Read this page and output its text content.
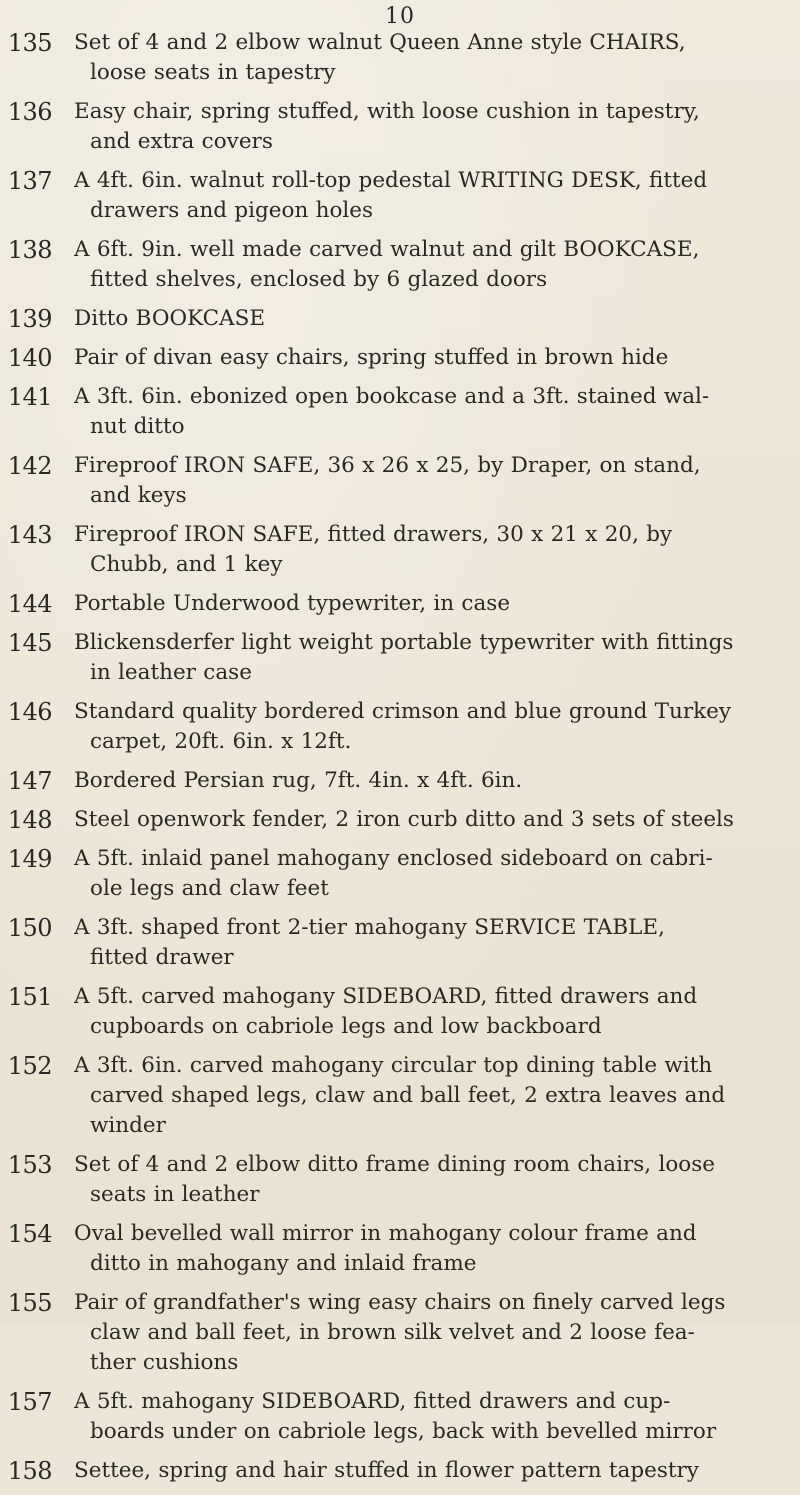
10
135 Set of 4 and 2 elbow walnut Queen Anne style CHAIRS,
loose seats in tapestry
136 Easy chair, spring stuffed, with loose cushion in tapestry,
and extra covers
137 A 4ft. 6in. walnut roll-top pedestal WRITING DESK, fitted
drawers and pigeon holes
138 A 6ft. 9in. well made carved walnut and gilt BOOKCASE,
fitted shelves, enclosed by 6 glazed doors
139 Ditto BOOKCASE
140 Pair of divan easy chairs, spring stuffed in brown hide
141 A 3ft. 6in. ebonized open bookcase and a 3ft. stained wal-
nut ditto
142 Fireproof IRON SAFE, 36 x 26 x 25, by Draper, on stand,
and keys
143 Fireproof IRON SAFE, fitted drawers, 30 x 21 x 20, by
Chubb, and 1 key
144 Portable Underwood typewriter, in case
145 Blickensderfer light weight portable typewriter with fittings
in leather case
146 Standard quality bordered crimson and blue ground Turkey
carpet, 20ft. 6in. x 12ft.
147 Bordered Persian rug, 7ft. 4in. x 4ft. 6in.
148 Steel openwork fender, 2 iron curb ditto and 3 sets of steels
149 A 5ft. inlaid panel mahogany enclosed sideboard on cabri-
ole legs and claw feet
150 A 3ft. shaped front 2-tier mahogany SERVICE TABLE,
fitted drawer
151 A 5ft. carved mahogany SIDEBOARD, fitted drawers and
cupboards on cabriole legs and low backboard
152 A 3ft. 6in. carved mahogany circular top dining table with
carved shaped legs, claw and ball feet, 2 extra leaves and
winder
153 Set of 4 and 2 elbow ditto frame dining room chairs, loose
seats in leather
154 Oval bevelled wall mirror in mahogany colour frame and
ditto in mahogany and inlaid frame
155 Pair of grandfather's wing easy chairs on finely carved legs
claw and ball feet, in brown silk velvet and 2 loose fea-
ther cushions
157 A 5ft. mahogany SIDEBOARD, fitted drawers and cup-
boards under on cabriole legs, back with bevelled mirror
158 Settee, spring and hair stuffed in flower pattern tapestry
